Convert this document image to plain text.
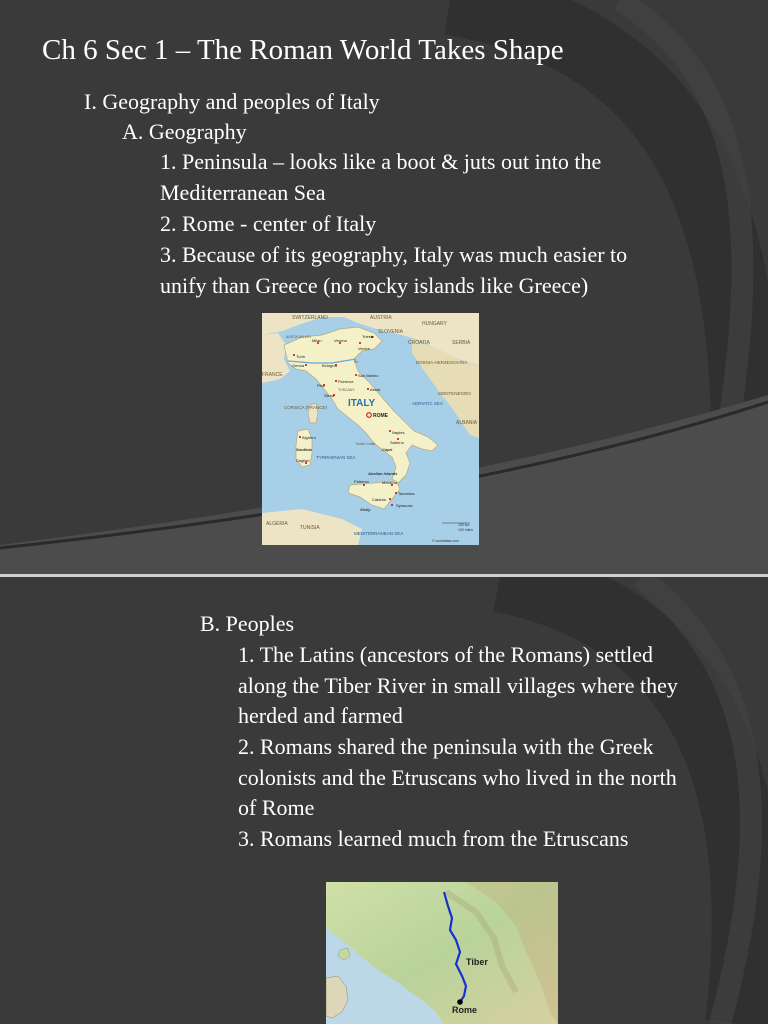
Ch 6 Sec 1 – The Roman World Takes Shape
I. Geography and peoples of Italy
A. Geography
1. Peninsula – looks like a boot & juts out into the
Mediterranean Sea
2. Rome - center of Italy
3. Because of its geography, Italy was much easier to
unify than Greece (no rocky islands like Greece)
SWITZERLAND	AUSTRIA
HUNGARY
SLOVENIA
CROATIA	SERBIA
BOSNIA-HERZEGOVINA
MONTENEGRO
ALBANIA
FRANCE
CORSICA (FRANCE)
ALGERIA
TUNISIA
ADRIATIC SEA
TYRRHENIAN SEA
MEDITERRANEAN SEA
ITALY
ROME
Milan	Verona
Venice
Trieste
Turin
Genoa	Bologna
San Marino
Florence
Pisa
Siena
Assisi
Naples
Salerno
Alghero
Cagliari
Palermo	Messina
Catania
Taormina
Syracuse
Sardinia	Capri
Aeolian Islands
Sicily
Po
AOSTA VALLEY
South Coast
TUSCANY
100 km
100 miles
© worldatlas.com
B. Peoples
1. The Latins (ancestors of the Romans) settled
along the Tiber River in small villages where they
herded and farmed
2. Romans shared the peninsula with the Greek
colonists and the Etruscans who lived in the north
of Rome
3. Romans learned much from the Etruscans
Tiber
Rome
